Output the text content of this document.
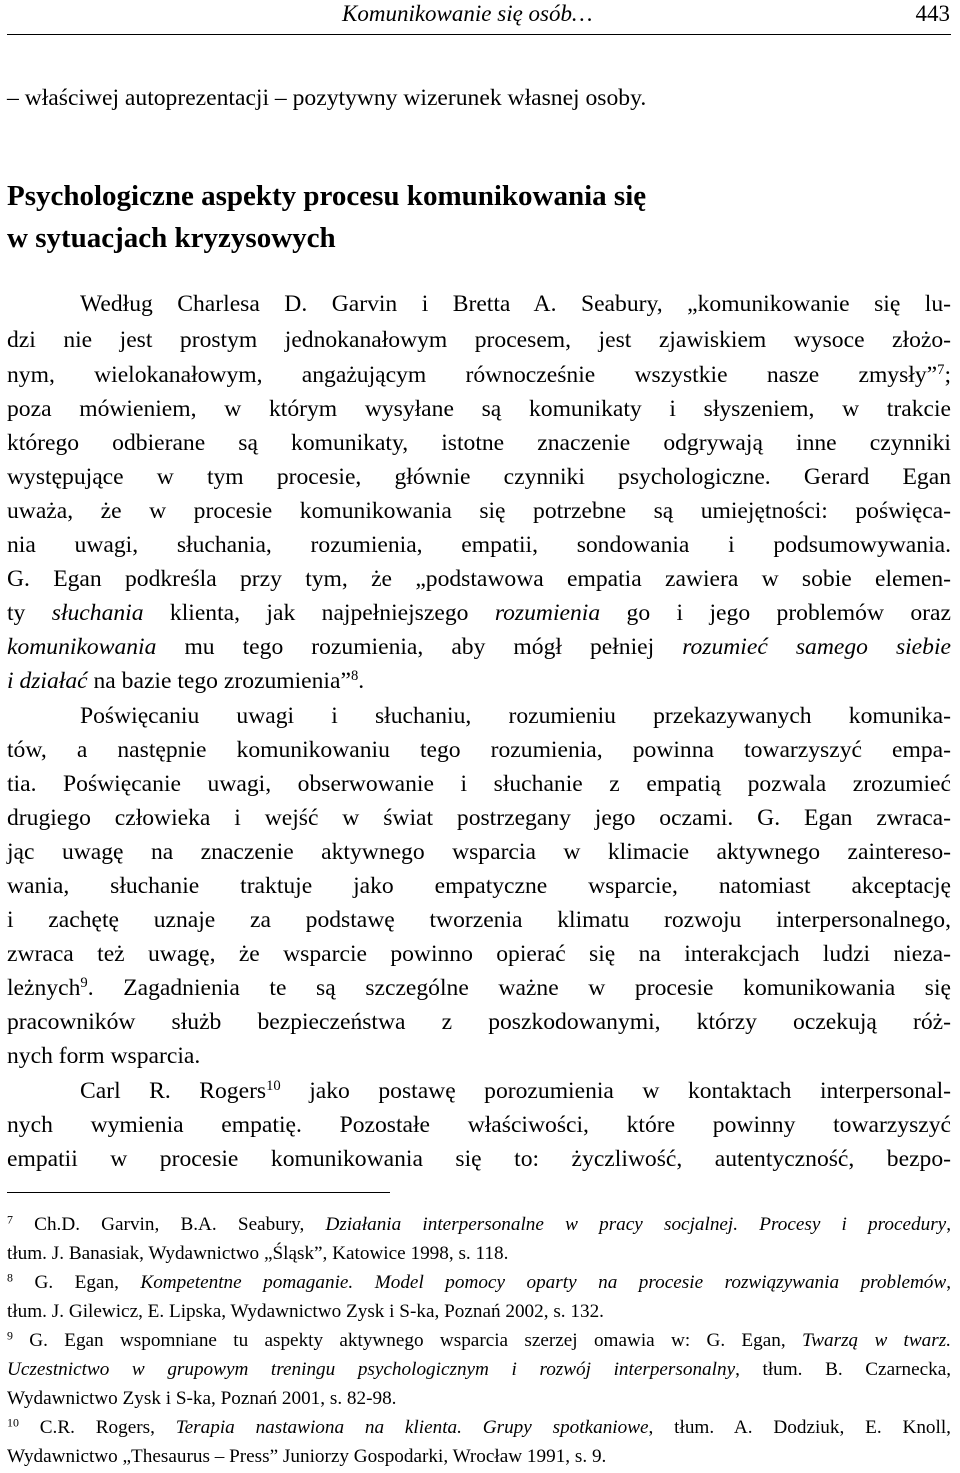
Komunikowanie się osób…	443
– właściwej autoprezentacji – pozytywny wizerunek własnej osoby.
Psychologiczne aspekty procesu komunikowania się
w sytuacjach kryzysowych
Według Charlesa D. Garvin i Bretta A. Seabury, „komunikowanie się lu-
dzi nie jest prostym jednokanałowym procesem, jest zjawiskiem wysoce złożo-
nym, wielokanałowym, angażującym równocześnie wszystkie nasze zmysły”$^7$;
poza mówieniem, w którym wysyłane są komunikaty i słyszeniem, w trakcie
którego odbierane są komunikaty, istotne znaczenie odgrywają inne czynniki
występujące w tym procesie, głównie czynniki psychologiczne. Gerard Egan
uważa, że w procesie komunikowania się potrzebne są umiejętności: poświęca-
nia uwagi, słuchania, rozumienia, empatii, sondowania i podsumowywania.
G. Egan podkreśla przy tym, że „podstawowa empatia zawiera w sobie elemen-
ty słuchania klienta, jak najpełniejszego rozumienia go i jego problemów oraz
komunikowania mu tego rozumienia, aby mógł pełniej rozumieć samego siebie
i działać na bazie tego zrozumienia”$^8$.
Poświęcaniu uwagi i słuchaniu, rozumieniu przekazywanych komunika-
tów, a następnie komunikowaniu tego rozumienia, powinna towarzyszyć empa-
tia. Poświęcanie uwagi, obserwowanie i słuchanie z empatią pozwala zrozumieć
drugiego człowieka i wejść w świat postrzegany jego oczami. G. Egan zwraca-
jąc uwagę na znaczenie aktywnego wsparcia w klimacie aktywnego zaintereso-
wania, słuchanie traktuje jako empatyczne wsparcie, natomiast akceptację
i zachętę uznaje za podstawę tworzenia klimatu rozwoju interpersonalnego,
zwraca też uwagę, że wsparcie powinno opierać się na interakcjach ludzi nieza-
leżnych$^9$. Zagadnienia te są szczególne ważne w procesie komunikowania się
pracowników służb bezpieczeństwa z poszkodowanymi, którzy oczekują róż-
nych form wsparcia.
Carl R. Rogers$^{10}$ jako postawę porozumienia w kontaktach interpersonal-
nych wymienia empatię. Pozostałe właściwości, które powinny towarzyszyć
empatii w procesie komunikowania się to: życzliwość, autentyczność, bezpo-
$^7$ Ch.D. Garvin, B.A. Seabury, Działania interpersonalne w pracy socjalnej. Procesy i procedury,
tłum. J. Banasiak, Wydawnictwo „Śląsk”, Katowice 1998, s. 118.
$^8$ G. Egan, Kompetentne pomaganie. Model pomocy oparty na procesie rozwiązywania problemów,
tłum. J. Gilewicz, E. Lipska, Wydawnictwo Zysk i S-ka, Poznań 2002, s. 132.
$^9$ G. Egan wspomniane tu aspekty aktywnego wsparcia szerzej omawia w: G. Egan, Twarzą w twarz.
Uczestnictwo w grupowym treningu psychologicznym i rozwój interpersonalny, tłum. B. Czarnecka,
Wydawnictwo Zysk i S-ka, Poznań 2001, s. 82-98.
$^{10}$ C.R. Rogers, Terapia nastawiona na klienta. Grupy spotkaniowe, tłum. A. Dodziuk, E. Knoll,
Wydawnictwo „Thesaurus – Press” Juniorzy Gospodarki, Wrocław 1991, s. 9.
